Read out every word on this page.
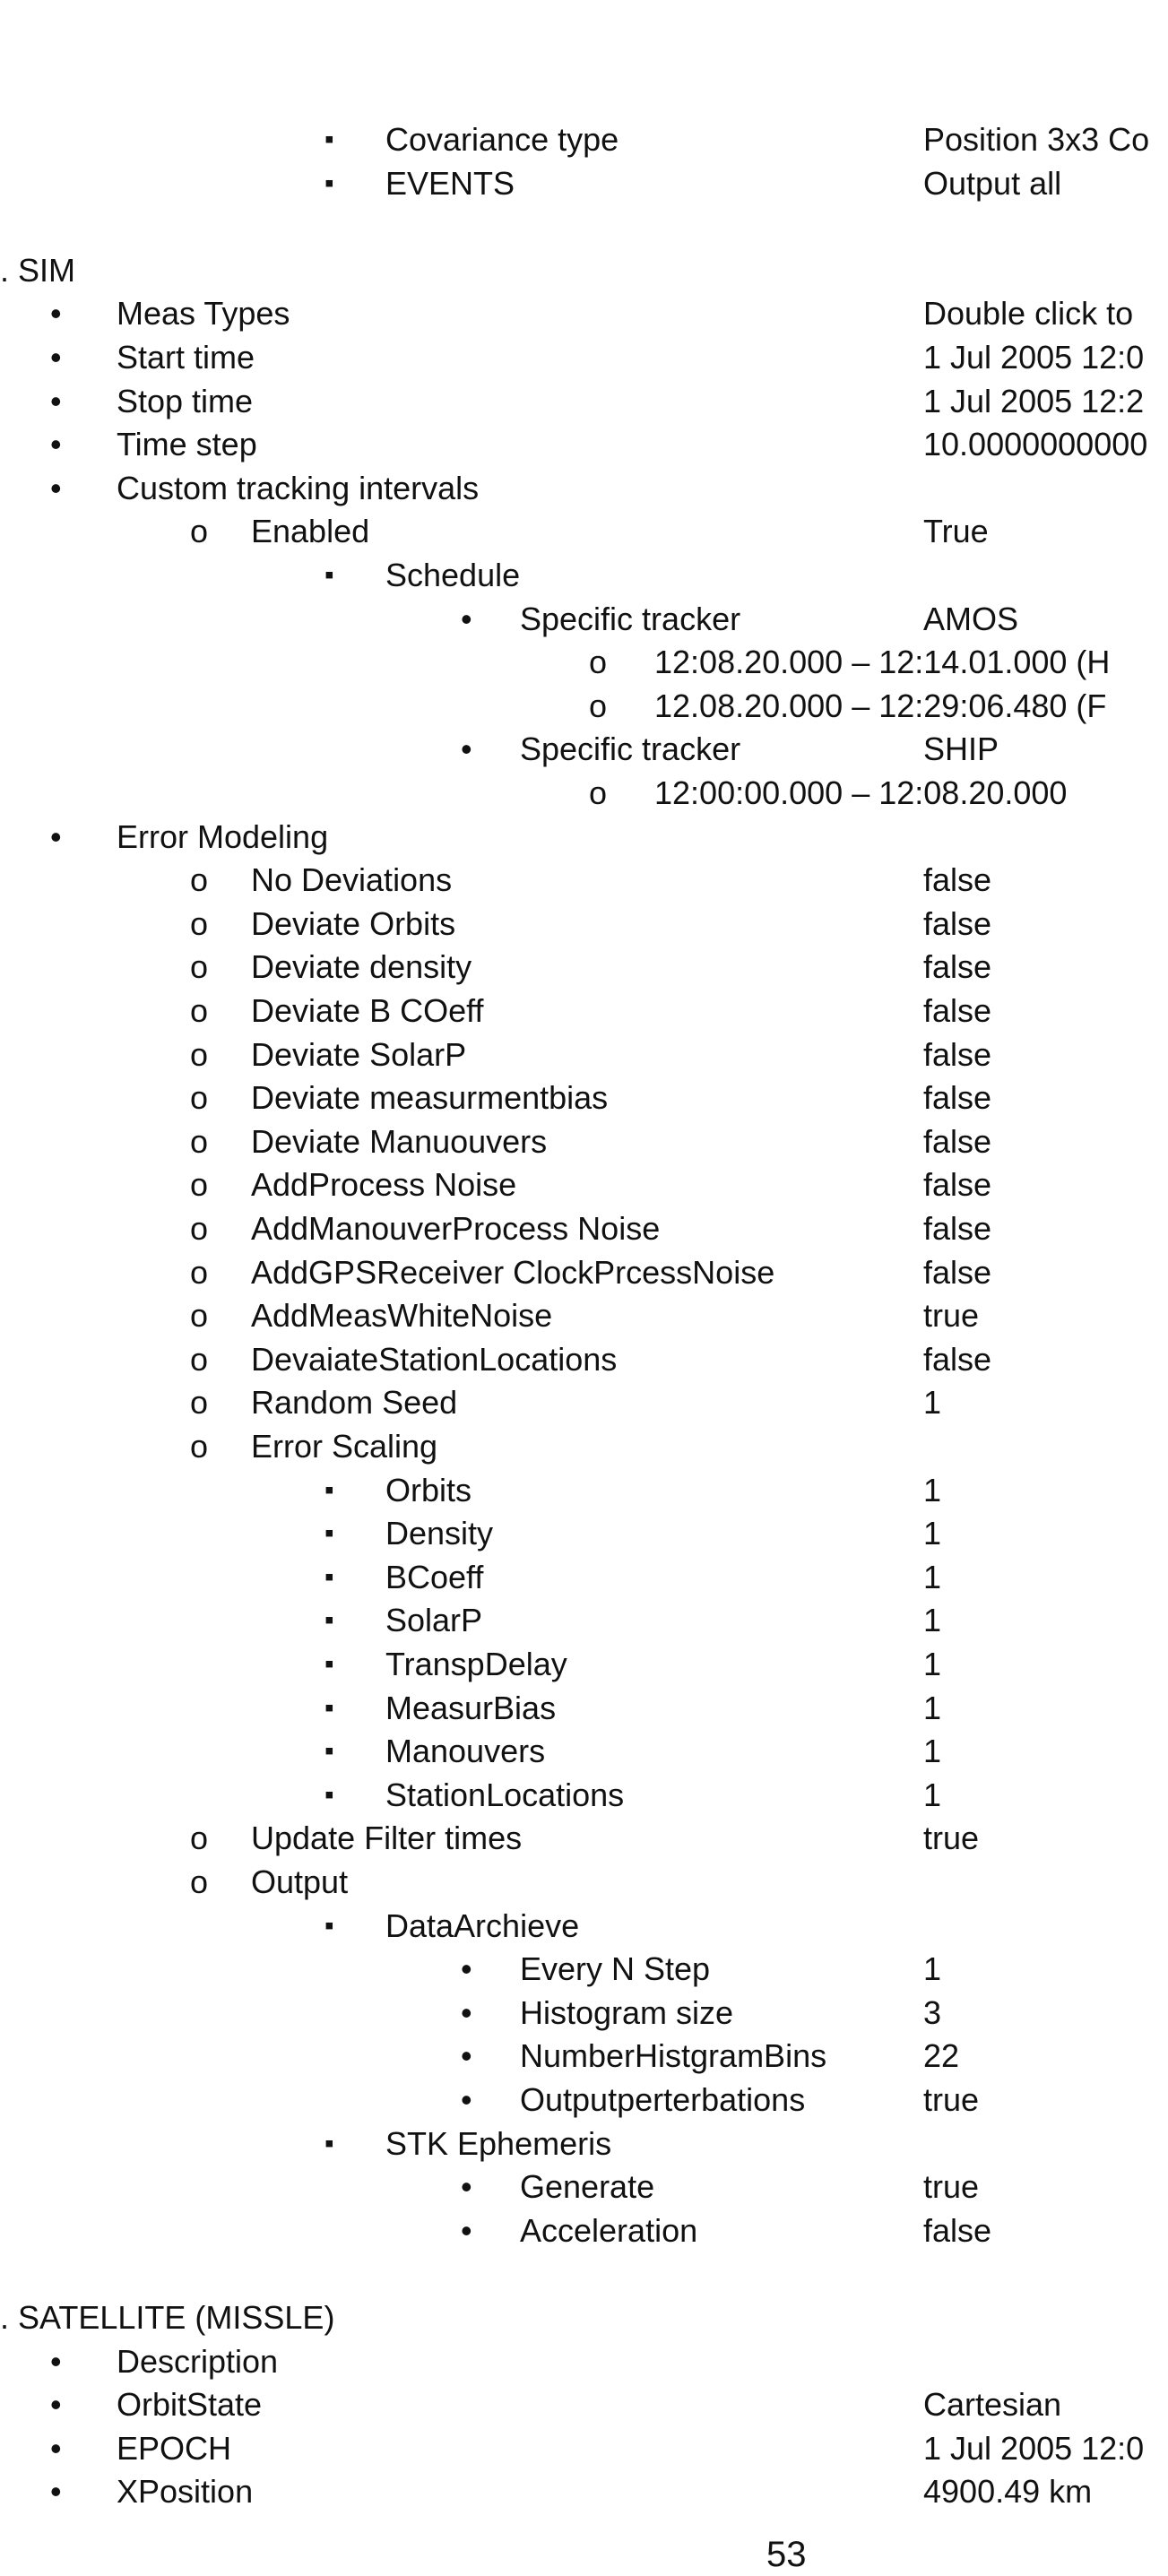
▪ Covariance type	Position 3x3 Co
▪ EVENTS	Output all
. SIM
• Meas Types	Double click to
• Start time	1 Jul 2005 12:0
• Stop time	1 Jul 2005 12:2
• Time step	10.0000000000
• Custom tracking intervals
o Enabled	True
▪ Schedule
• Specific tracker	AMOS
o 12:08.20.000 – 12:14.01.000 (H
o 12.08.20.000 – 12:29:06.480 (F
• Specific tracker	SHIP
o 12:00:00.000 – 12:08.20.000
• Error Modeling
o No Deviations	false
o Deviate Orbits	false
o Deviate density	false
o Deviate B COeff	false
o Deviate SolarP	false
o Deviate measurmentbias	false
o Deviate Manuouvers	false
o AddProcess Noise	false
o AddManouverProcess Noise	false
o AddGPSReceiver ClockPrcessNoise	false
o AddMeasWhiteNoise	true
o DevaiateStationLocations	false
o Random Seed	1
o Error Scaling
▪ Orbits	1
▪ Density	1
▪ BCoeff	1
▪ SolarP	1
▪ TranspDelay	1
▪ MeasurBias	1
▪ Manouvers	1
▪ StationLocations	1
o Update Filter times	true
o Output
▪ DataArchieve
• Every N Step	1
• Histogram size	3
• NumberHistgramBins	22
• Outputperterbations	true
▪ STK Ephemeris
• Generate	true
• Acceleration	false
. SATELLITE (MISSLE)
• Description
• OrbitState	Cartesian
• EPOCH	1 Jul 2005 12:0
• XPosition	4900.49 km
53
